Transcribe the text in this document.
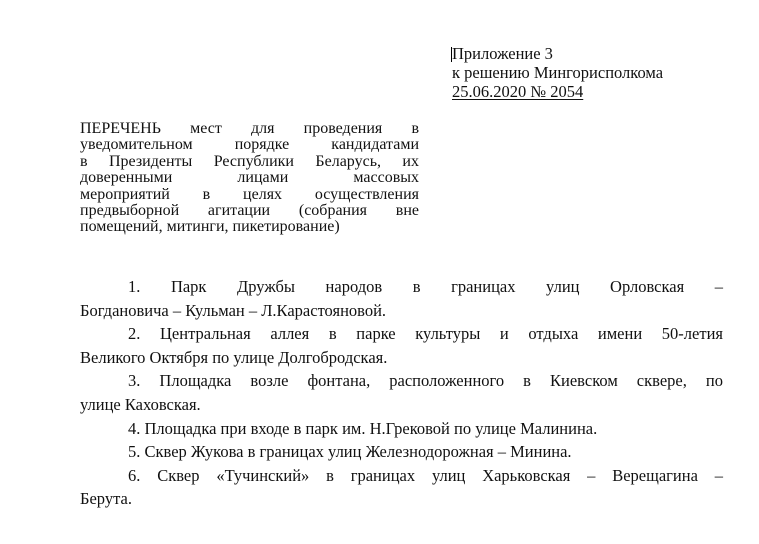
Приложение 3
к решению Мингорисполкома
25.06.2020 № 2054
ПЕРЕЧЕНЬ мест для проведения в
уведомительном порядке кандидатами
в Президенты Республики Беларусь, их
доверенными лицами массовых
мероприятий в целях осуществления
предвыборной агитации (собрания вне
помещений, митинги, пикетирование)
1. Парк Дружбы народов в границах улиц Орловская –
Богдановича – Кульман – Л.Карастояновой.
2. Центральная аллея в парке культуры и отдыха имени 50-летия
Великого Октября по улице Долгобродская.
3. Площадка возле фонтана, расположенного в Киевском сквере, по
улице Каховская.
4. Площадка при входе в парк им. Н.Грековой по улице Малинина.
5. Сквер Жукова в границах улиц Железнодорожная – Минина.
6. Сквер «Тучинский» в границах улиц Харьковская – Верещагина –
Берута.
